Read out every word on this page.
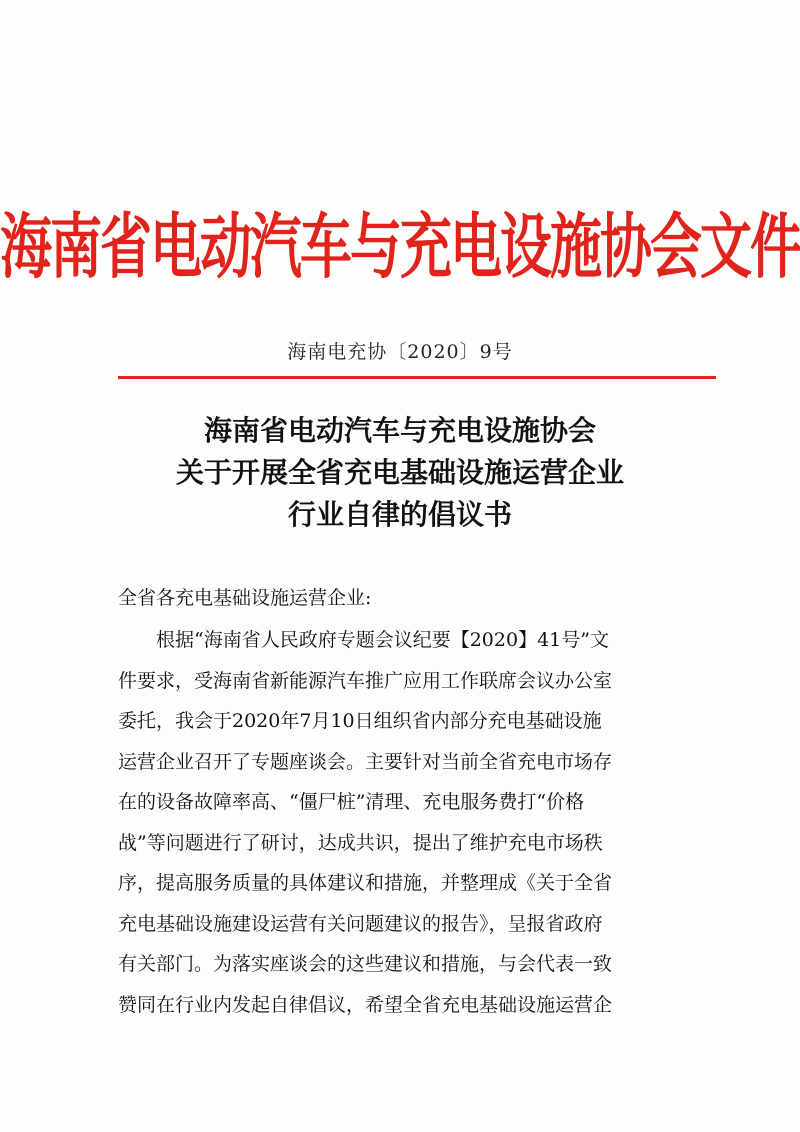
海南省电动汽车与充电设施协会文件
海南电充协〔2020〕9号
海南省电动汽车与充电设施协会
关于开展全省充电基础设施运营企业
行业自律的倡议书
全省各充电基础设施运营企业:
　　根据“海南省人民政府专题会议纪要【2020】41号”文
件要求，受海南省新能源汽车推广应用工作联席会议办公室
委托，我会于2020年7月10日组织省内部分充电基础设施
运营企业召开了专题座谈会。主要针对当前全省充电市场存
在的设备故障率高、“僵尸桩”清理、充电服务费打“价格
战”等问题进行了研讨，达成共识，提出了维护充电市场秩
序，提高服务质量的具体建议和措施，并整理成《关于全省
充电基础设施建设运营有关问题建议的报告》，呈报省政府
有关部门。为落实座谈会的这些建议和措施，与会代表一致
赞同在行业内发起自律倡议，希望全省充电基础设施运营企
